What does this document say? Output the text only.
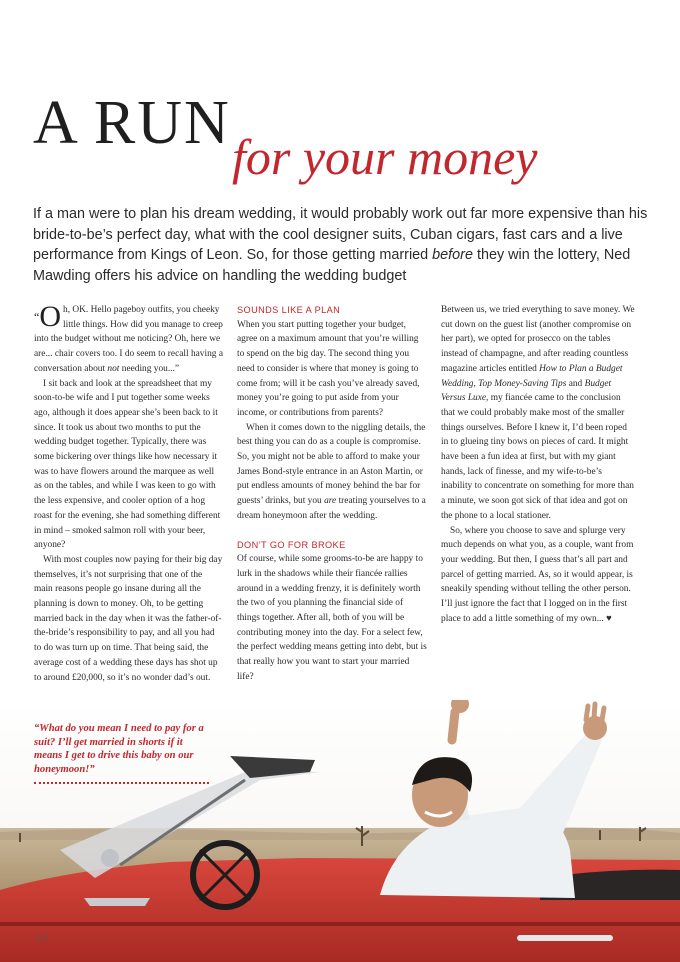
A RUN for your money

If a man were to plan his dream wedding, it would probably work out far more expensive than his bride-to-be’s perfect day, what with the cool designer suits, Cuban cigars, fast cars and a live performance from Kings of Leon. So, for those getting married before they win the lottery, Ned Mawding offers his advice on handling the wedding budget

“O h, OK. Hello pageboy outfits, you cheeky little things. How did you manage to creep into the budget without me noticing? Oh, here we are... chair covers too. I do seem to recall having a conversation about not needing you...”

I sit back and look at the spreadsheet that my soon-to-be wife and I put together some weeks ago, although it does appear she’s been back to it since. It took us about two months to put the wedding budget together. Typically, there was some bickering over things like how necessary it was to have flowers around the marquee as well as on the tables, and while I was keen to go with the less expensive, and cooler option of a hog roast for the evening, she had something different in mind – smoked salmon roll with your beer, anyone?

With most couples now paying for their big day themselves, it’s not surprising that one of the main reasons people go insane during all the planning is down to money. Oh, to be getting married back in the day when it was the father-of-the-bride’s responsibility to pay, and all you had to do was turn up on time. That being said, the average cost of a wedding these days has shot up to around £20,000, so it’s no wonder dad’s out.

SOUNDS LIKE A PLAN

When you start putting together your budget, agree on a maximum amount that you’re willing to spend on the big day. The second thing you need to consider is where that money is going to come from; will it be cash you’ve already saved, money you’re going to put aside from your income, or contributions from parents?

When it comes down to the niggling details, the best thing you can do as a couple is compromise. So, you might not be able to afford to make your James Bond-style entrance in an Aston Martin, or put endless amounts of money behind the bar for guests’ drinks, but you are treating yourselves to a dream honeymoon after the wedding.

DON’T GO FOR BROKE

Of course, while some grooms-to-be are happy to lurk in the shadows while their fiancée rallies around in a wedding frenzy, it is definitely worth the two of you planning the financial side of things together. After all, both of you will be contributing money into the day. For a select few, the perfect wedding means getting into debt, but is that really how you want to start your married life?

Between us, we tried everything to save money. We cut down on the guest list (another compromise on her part), we opted for prosecco on the tables instead of champagne, and after reading countless magazine articles entitled How to Plan a Budget Wedding, Top Money-Saving Tips and Budget Versus Luxe, my fiancée came to the conclusion that we could probably make most of the smaller things ourselves. Before I knew it, I’d been roped in to glueing tiny bows on pieces of card. It might have been a fun idea at first, but with my giant hands, lack of finesse, and my wife-to-be’s inability to concentrate on something for more than a minute, we soon got sick of that idea and got on the phone to a local stationer.

So, where you choose to save and splurge very much depends on what you, as a couple, want from your wedding. But then, I guess that’s all part and parcel of getting married. As, so it would appear, is sneakily spending without telling the other person. I’ll just ignore the fact that I logged on in the first place to add a little something of my own... ♥

“What do you mean I need to pay for a suit? I’ll get married in shorts if it means I get to drive this baby on our honeymoon!”

112
